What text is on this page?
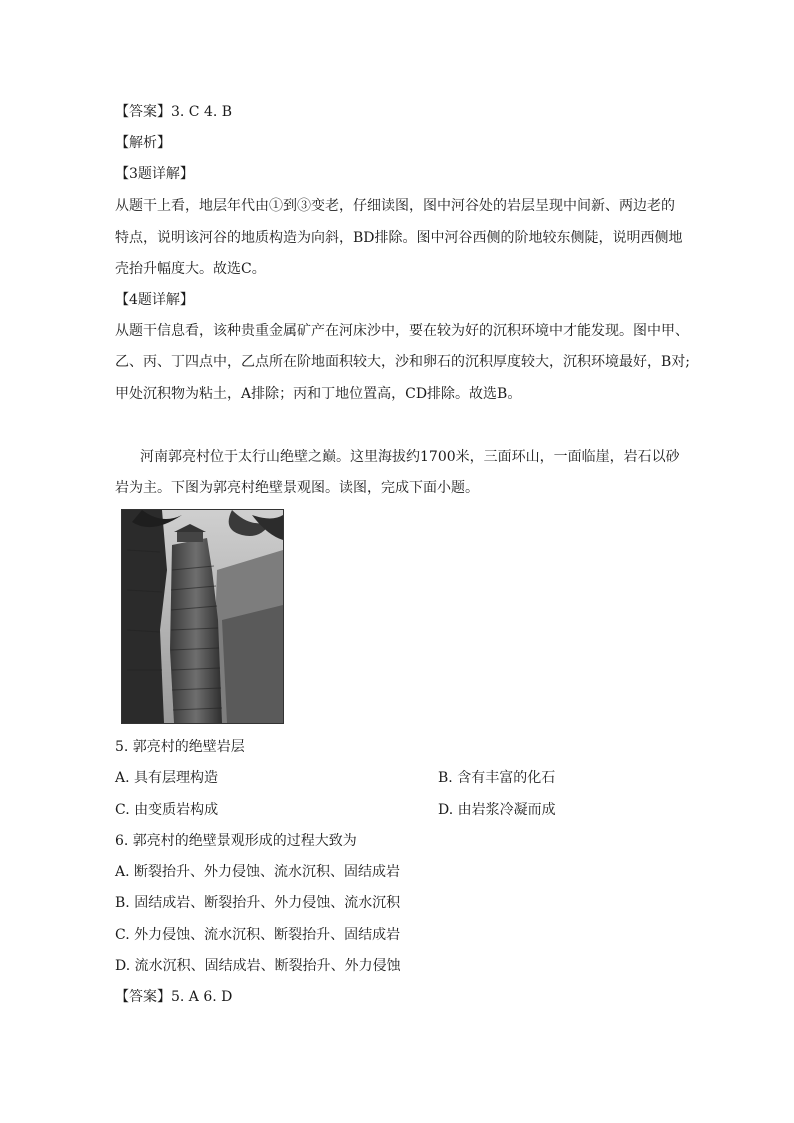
【答案】3. C 4. B
【解析】
【3题详解】
从题干上看，地层年代由①到③变老，仔细读图，图中河谷处的岩层呈现中间新、两边老的
特点，说明该河谷的地质构造为向斜，BD排除。图中河谷西侧的阶地较东侧陡，说明西侧地
壳抬升幅度大。故选C。
【4题详解】
从题干信息看，该种贵重金属矿产在河床沙中，要在较为好的沉积环境中才能发现。图中甲、
乙、丙、丁四点中，乙点所在阶地面积较大，沙和卵石的沉积厚度较大，沉积环境最好，B对;
甲处沉积物为粘土，A排除；丙和丁地位置高，CD排除。故选B。
河南郭亮村位于太行山绝壁之巅。这里海拔约1700米，三面环山，一面临崖，岩石以砂
岩为主。下图为郭亮村绝壁景观图。读图，完成下面小题。
5. 郭亮村的绝壁岩层
A. 具有层理构造	B. 含有丰富的化石
C. 由变质岩构成	D. 由岩浆冷凝而成
6. 郭亮村的绝壁景观形成的过程大致为
A. 断裂抬升、外力侵蚀、流水沉积、固结成岩
B. 固结成岩、断裂抬升、外力侵蚀、流水沉积
C. 外力侵蚀、流水沉积、断裂抬升、固结成岩
D. 流水沉积、固结成岩、断裂抬升、外力侵蚀
【答案】5. A 6. D
